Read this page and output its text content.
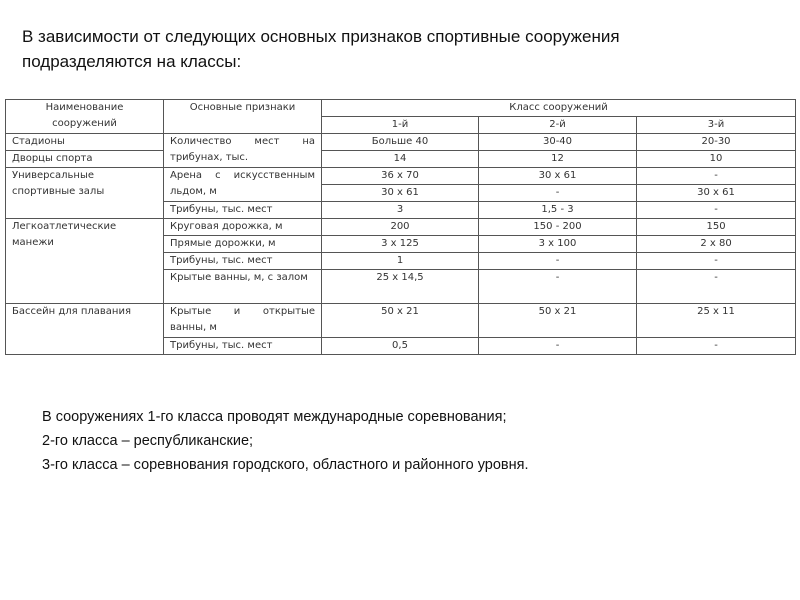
В зависимости от следующих основных признаков спортивные сооружения
подразделяются на классы:

Наименование сооружений	Основные признаки	Класс сооружений		
		1-й	2-й	3-й
Стадионы	Количество мест на трибунах, тыс.	Больше 40	30-40	20-30
Дворцы спорта		14	12	10
Универсальные спортивные залы	Арена с искусственным льдом, м	36 x 70	30 x 61	-
		30 x 61	-	30 x 61
	Трибуны, тыс. мест	3	1,5 - 3	-
Легкоатлетические манежи	Круговая дорожка, м	200	150 - 200	150
	Прямые дорожки, м	3 x 125	3 x 100	2 x 80
	Трибуны, тыс. мест	1	-	-
	Крытые ванны, м, с залом	25 x 14,5	-	-
Бассейн для плавания	Крытые и открытые ванны, м	50 x 21	50 x 21	25 x 11
	Трибуны, тыс. мест	0,5	-	-

В сооружениях 1-го класса проводят международные соревнования;
2-го класса – республиканские;
3-го класса – соревнования городского, областного и районного уровня.
